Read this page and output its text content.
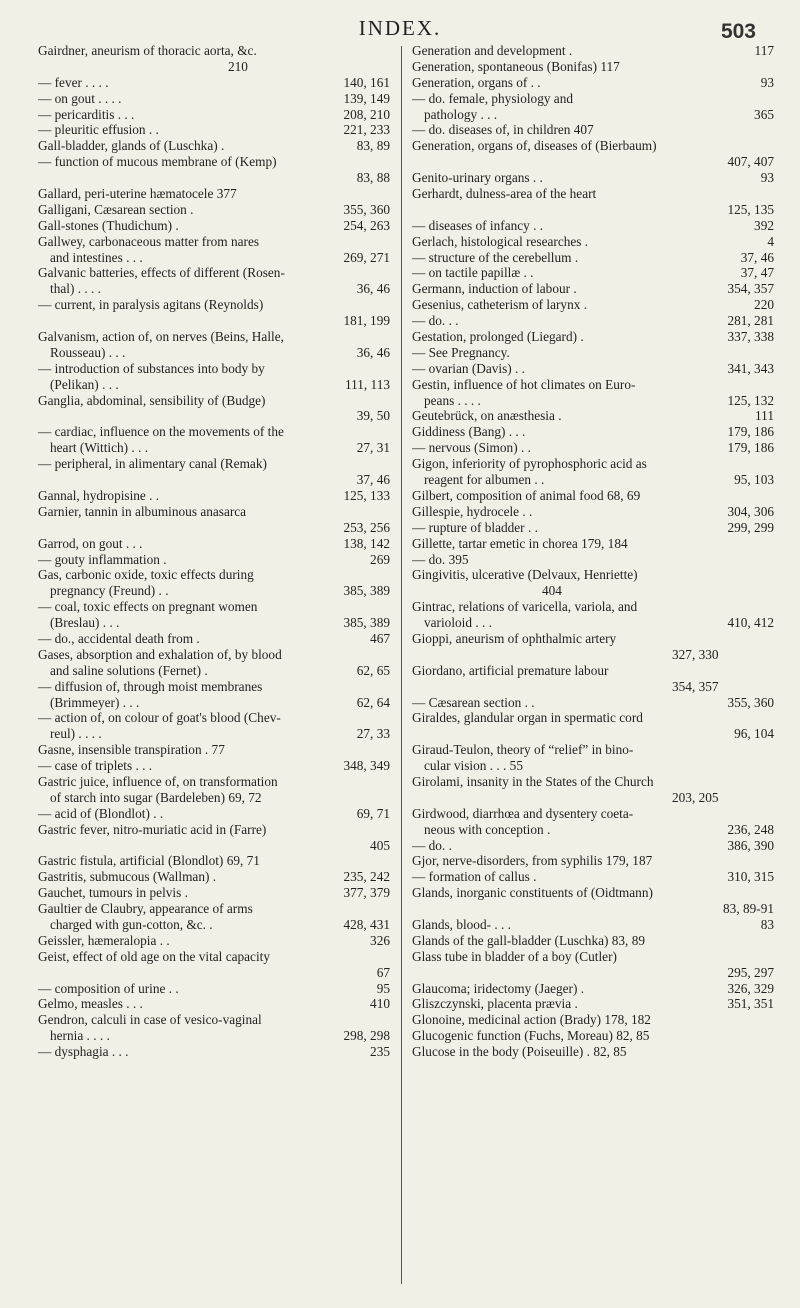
INDEX.	503
Gairdner, aneurism of thoracic aorta, &c.
210
— fever . . . .	140, 161
— on gout . . . .	139, 149
— pericarditis . . .	208, 210
— pleuritic effusion . .	221, 233
Gall-bladder, glands of (Luschka) .	83, 89
— function of mucous membrane of (Kemp)
83, 88
Gallard, peri-uterine hæmatocele 377
Galligani, Cæsarean section .	355, 360
Gall-stones (Thudichum) .	254, 263
Gallwey, carbonaceous matter from nares
and intestines . . .	269, 271
Galvanic batteries, effects of different (Rosen-
thal) . . . .	36, 46
— current, in paralysis agitans (Reynolds)
181, 199
Galvanism, action of, on nerves (Beins, Halle,
Rousseau) . . .	36, 46
— introduction of substances into body by
(Pelikan) . . .	111, 113
Ganglia, abdominal, sensibility of (Budge)
39, 50
— cardiac, influence on the movements of the
heart (Wittich) . . .	27, 31
— peripheral, in alimentary canal (Remak)
37, 46
Gannal, hydropisine . .	125, 133
Garnier, tannin in albuminous anasarca
253, 256
Garrod, on gout . . .	138, 142
— gouty inflammation .	269
Gas, carbonic oxide, toxic effects during
pregnancy (Freund) . .	385, 389
— coal, toxic effects on pregnant women
(Breslau) . . .	385, 389
— do., accidental death from .	467
Gases, absorption and exhalation of, by blood
and saline solutions (Fernet) .	62, 65
— diffusion of, through moist membranes
(Brimmeyer) . . .	62, 64
— action of, on colour of goat's blood (Chev-
reul) . . . .	27, 33
Gasne, insensible transpiration . 77
— case of triplets . . .	348, 349
Gastric juice, influence of, on transformation
of starch into sugar (Bardeleben) 69, 72
— acid of (Blondlot) . .	69, 71
Gastric fever, nitro-muriatic acid in (Farre)
405
Gastric fistula, artificial (Blondlot) 69, 71
Gastritis, submucous (Wallman) .	235, 242
Gauchet, tumours in pelvis .	377, 379
Gaultier de Claubry, appearance of arms
charged with gun-cotton, &c. .	428, 431
Geissler, hæmeralopia . .	326
Geist, effect of old age on the vital capacity
67
— composition of urine . .	95
Gelmo, measles . . .	410
Gendron, calculi in case of vesico-vaginal
hernia . . . .	298, 298
— dysphagia . . .	235
Generation and development .	117
Generation, spontaneous (Bonifas) 117
Generation, organs of . .	93
— do. female, physiology and
pathology . . .	365
— do. diseases of, in children 407
Generation, organs of, diseases of (Bierbaum)
407, 407
Genito-urinary organs . .	93
Gerhardt, dulness-area of the heart
125, 135
— diseases of infancy . .	392
Gerlach, histological researches .	4
— structure of the cerebellum .	37, 46
— on tactile papillæ . .	37, 47
Germann, induction of labour .	354, 357
Gesenius, catheterism of larynx .	220
— do. . .	281, 281
Gestation, prolonged (Liegard) .	337, 338
— See Pregnancy.
— ovarian (Davis) . .	341, 343
Gestin, influence of hot climates on Euro-
peans . . . .	125, 132
Geutebrück, on anæsthesia .	111
Giddiness (Bang) . . .	179, 186
— nervous (Simon) . .	179, 186
Gigon, inferiority of pyrophosphoric acid as
reagent for albumen . .	95, 103
Gilbert, composition of animal food 68, 69
Gillespie, hydrocele . .	304, 306
— rupture of bladder . .	299, 299
Gillette, tartar emetic in chorea 179, 184
— do. 395
Gingivitis, ulcerative (Delvaux, Henriette)
404
Gintrac, relations of varicella, variola, and
varioloid . . .	410, 412
Gioppi, aneurism of ophthalmic artery
327, 330
Giordano, artificial premature labour
354, 357
— Cæsarean section . .	355, 360
Giraldes, glandular organ in spermatic cord
96, 104
Giraud-Teulon, theory of “relief” in bino-
cular vision . . . 55
Girolami, insanity in the States of the Church
203, 205
Girdwood, diarrhœa and dysentery coeta-
neous with conception .	236, 248
— do. .	386, 390
Gjor, nerve-disorders, from syphilis 179, 187
— formation of callus .	310, 315
Glands, inorganic constituents of (Oidtmann)
83, 89-91
Glands, blood- . . .	83
Glands of the gall-bladder (Luschka) 83, 89
Glass tube in bladder of a boy (Cutler)
295, 297
Glaucoma; iridectomy (Jaeger) .	326, 329
Gliszczynski, placenta prævia .	351, 351
Glonoine, medicinal action (Brady) 178, 182
Glucogenic function (Fuchs, Moreau) 82, 85
Glucose in the body (Poiseuille) . 82, 85
